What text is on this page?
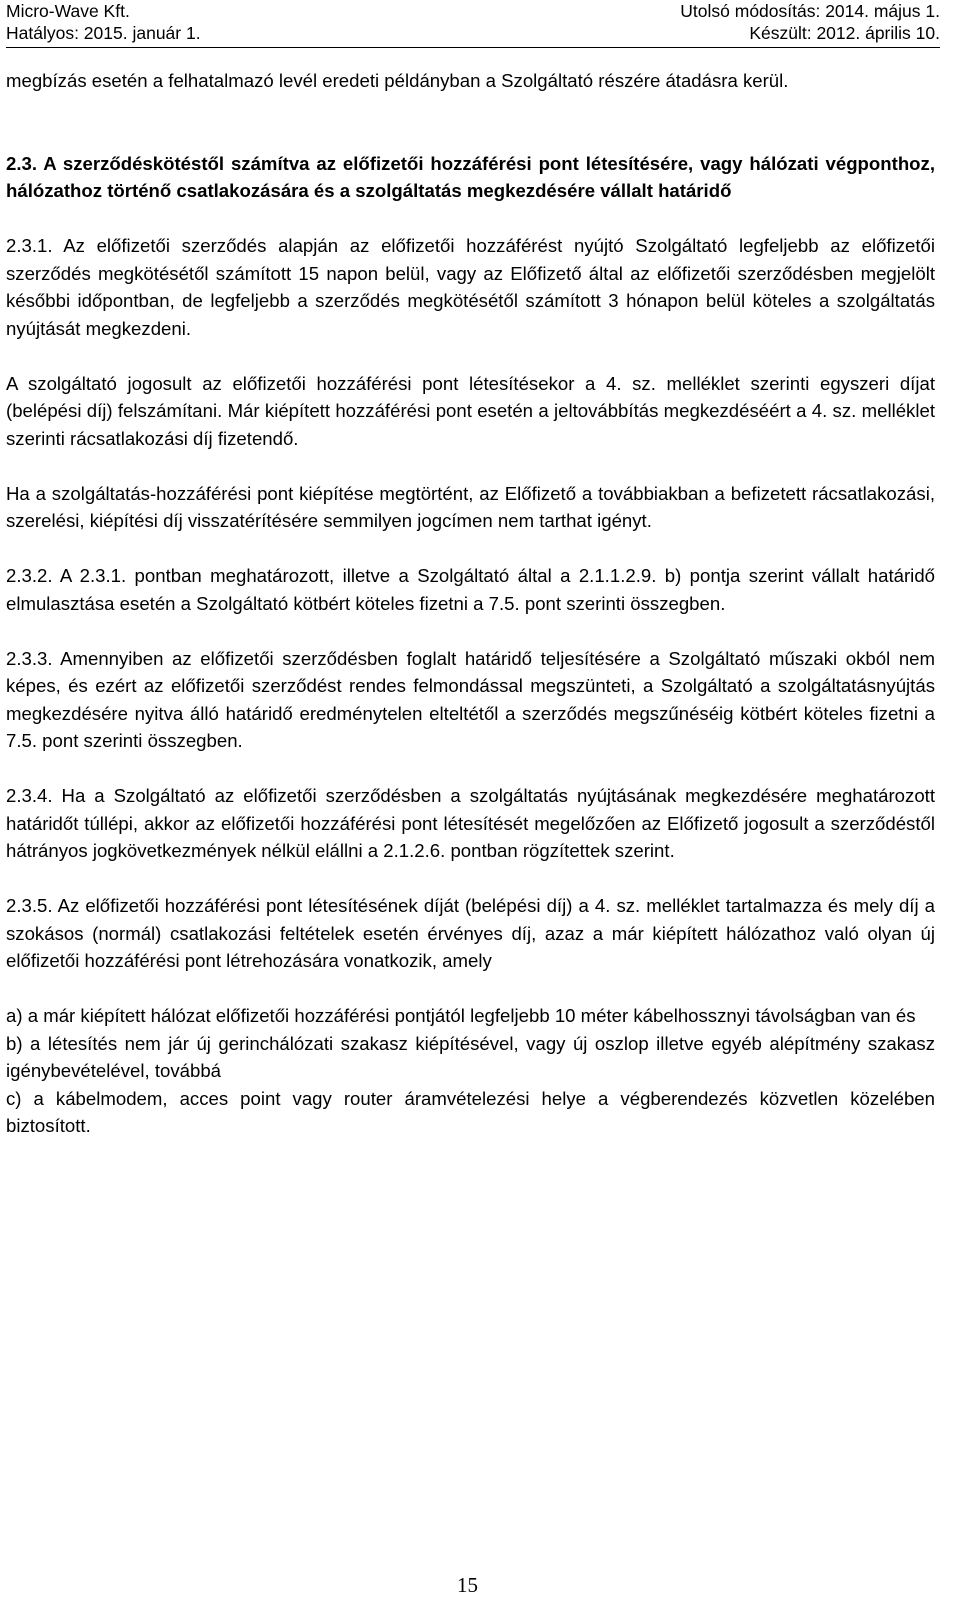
Micro-Wave Kft.	Utolsó módosítás: 2014. május 1.
Hatályos: 2015. január 1.	Készült: 2012. április 10.

megbízás esetén a felhatalmazó levél eredeti példányban a Szolgáltató részére átadásra kerül.

2.3. A szerződéskötéstől számítva az előfizetői hozzáférési pont létesítésére, vagy hálózati végponthoz, hálózathoz történő csatlakozására és a szolgáltatás megkezdésére vállalt határidő

2.3.1. Az előfizetői szerződés alapján az előfizetői hozzáférést nyújtó Szolgáltató legfeljebb az előfizetői szerződés megkötésétől számított 15 napon belül, vagy az Előfizető által az előfizetői szerződésben megjelölt későbbi időpontban, de legfeljebb a szerződés megkötésétől számított 3 hónapon belül köteles a szolgáltatás nyújtását megkezdeni.

A szolgáltató jogosult az előfizetői hozzáférési pont létesítésekor a 4. sz. melléklet szerinti egyszeri díjat (belépési díj) felszámítani. Már kiépített hozzáférési pont esetén a jeltovábbítás megkezdéséért a 4. sz. melléklet szerinti rácsatlakozási díj fizetendő.

Ha a szolgáltatás-hozzáférési pont kiépítése megtörtént, az Előfizető a továbbiakban a befizetett rácsatlakozási, szerelési, kiépítési díj visszatérítésére semmilyen jogcímen nem tarthat igényt.

2.3.2. A 2.3.1. pontban meghatározott, illetve a Szolgáltató által a 2.1.1.2.9. b) pontja szerint vállalt határidő elmulasztása esetén a Szolgáltató kötbért köteles fizetni a 7.5. pont szerinti összegben.

2.3.3. Amennyiben az előfizetői szerződésben foglalt határidő teljesítésére a Szolgáltató műszaki okból nem képes, és ezért az előfizetői szerződést rendes felmondással megszünteti, a Szolgáltató a szolgáltatásnyújtás megkezdésére nyitva álló határidő eredménytelen elteltétől a szerződés megszűnéséig kötbért köteles fizetni a 7.5. pont szerinti összegben.

2.3.4. Ha a Szolgáltató az előfizetői szerződésben a szolgáltatás nyújtásának megkezdésére meghatározott határidőt túllépi, akkor az előfizetői hozzáférési pont létesítését megelőzően az Előfizető jogosult a szerződéstől hátrányos jogkövetkezmények nélkül elállni a 2.1.2.6. pontban rögzítettek szerint.

2.3.5. Az előfizetői hozzáférési pont létesítésének díját (belépési díj) a 4. sz. melléklet tartalmazza és mely díj a szokásos (normál) csatlakozási feltételek esetén érvényes díj, azaz a már kiépített hálózathoz való olyan új előfizetői hozzáférési pont létrehozására vonatkozik, amely

a) a már kiépített hálózat előfizetői hozzáférési pontjától legfeljebb 10 méter kábelhossznyi távolságban van és

b) a létesítés nem jár új gerinchálózati szakasz kiépítésével, vagy új oszlop illetve egyéb alépítmény szakasz igénybevételével, továbbá

c) a kábelmodem, acces point vagy router áramvételezési helye a végberendezés közvetlen közelében biztosított.

15
